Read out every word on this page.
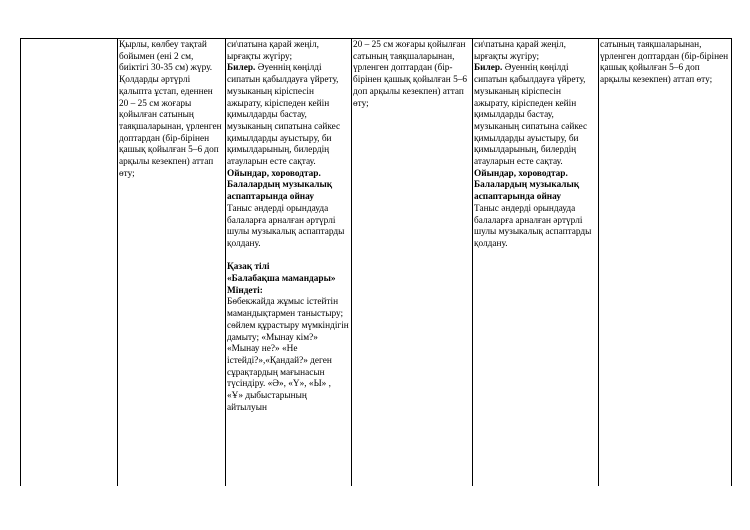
Қырлы, көлбеу тақтай бойымен (ені 2 см, биіктігі 30-35 см) жүру. Қолдарды әртүрлі қалыпта ұстап, еденнен 20 – 25 см жоғары қойылған сатының таяқшаларынан, үрленген доптардан (бір-бірінен қашық қойылған 5–6 доп арқылы кезекпен) аттап өту;

си\патына қарай жеңіл, ырғақты жүгіру;

Билер. Әуеннің көңілді сипатын қабылдауға үйрету, музыканың кіріспесін ажырату, кіріспеден кейін қимылдарды бастау, музыканың сипатына сәйкес қимылдарды ауыстыру, би қимылдарының, билердің атауларын есте сақтау.

Ойындар, хороводтар.

Балалардың музыкалық аспаптарында ойнау

Таныс әндерді орындауда балаларға арналған әртүрлі шулы музыкалық аспаптарды қолдану.

Қазақ тілі

«Балабақша мамандары»

Міндеті:

Бөбекжайда жұмыс істейтін мамандықтармен таныстыру; сөйлем құрастыру мүмкіндігін дамыту; «Мынау кім?» «Мынау не?» «Не істейді?»,«Қандай?» деген сұрақтардың мағынасын түсіндіру. «Ә», «Ү», «Ы» , «Ұ» дыбыстарының айтылуын

20 – 25 см жоғары қойылған сатының таяқшаларынан, үрленген доптардан (бір-бірінен қашық қойылған 5–6 доп арқылы кезекпен) аттап өту;

си\патына қарай жеңіл, ырғақты жүгіру;

Билер. Әуеннің көңілді сипатын қабылдауға үйрету, музыканың кіріспесін ажырату, кіріспеден кейін қимылдарды бастау, музыканың сипатына сәйкес қимылдарды ауыстыру, би қимылдарының, билердің атауларын есте сақтау.

Ойындар, хороводтар.

Балалардың музыкалық аспаптарында ойнау

Таныс әндерді орындауда балаларға арналған әртүрлі шулы музыкалық аспаптарды қолдану.

сатының таяқшаларынан, үрленген доптардан (бір-бірінен қашық қойылған 5–6 доп арқылы кезекпен) аттап өту;
